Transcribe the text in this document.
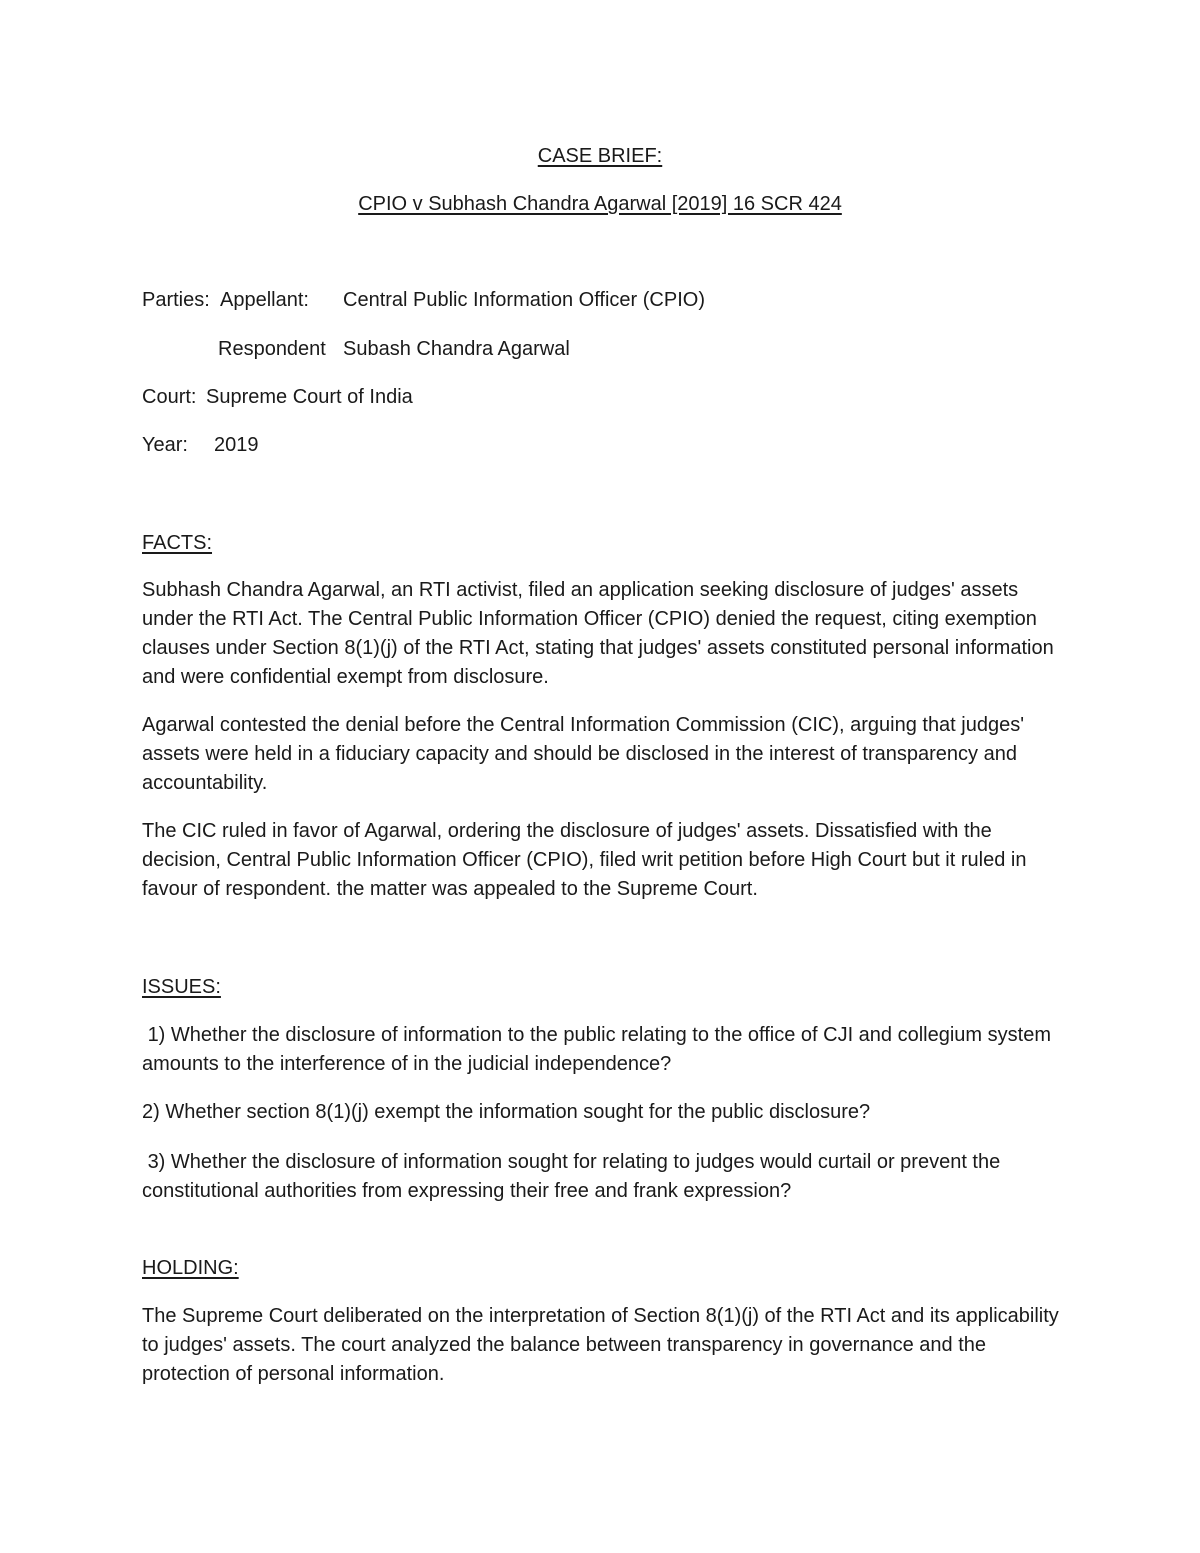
CASE BRIEF:
CPIO v Subhash Chandra Agarwal [2019] 16 SCR 424
Parties: Appellant: Central Public Information Officer (CPIO)
Respondent Subash Chandra Agarwal
Court: Supreme Court of India
Year: 2019
FACTS:
Subhash Chandra Agarwal, an RTI activist, filed an application seeking disclosure of judges' assets under the RTI Act. The Central Public Information Officer (CPIO) denied the request, citing exemption clauses under Section 8(1)(j) of the RTI Act, stating that judges' assets constituted personal information and were confidential exempt from disclosure.
Agarwal contested the denial before the Central Information Commission (CIC), arguing that judges' assets were held in a fiduciary capacity and should be disclosed in the interest of transparency and accountability.
The CIC ruled in favor of Agarwal, ordering the disclosure of judges' assets. Dissatisfied with the decision, Central Public Information Officer (CPIO), filed writ petition before High Court but it ruled in favour of respondent. the matter was appealed to the Supreme Court.
ISSUES:
1) Whether the disclosure of information to the public relating to the office of CJI and collegium system amounts to the interference of in the judicial independence?
2) Whether section 8(1)(j) exempt the information sought for the public disclosure?
3) Whether the disclosure of information sought for relating to judges would curtail or prevent the constitutional authorities from expressing their free and frank expression?
HOLDING:
The Supreme Court deliberated on the interpretation of Section 8(1)(j) of the RTI Act and its applicability to judges' assets. The court analyzed the balance between transparency in governance and the protection of personal information.
